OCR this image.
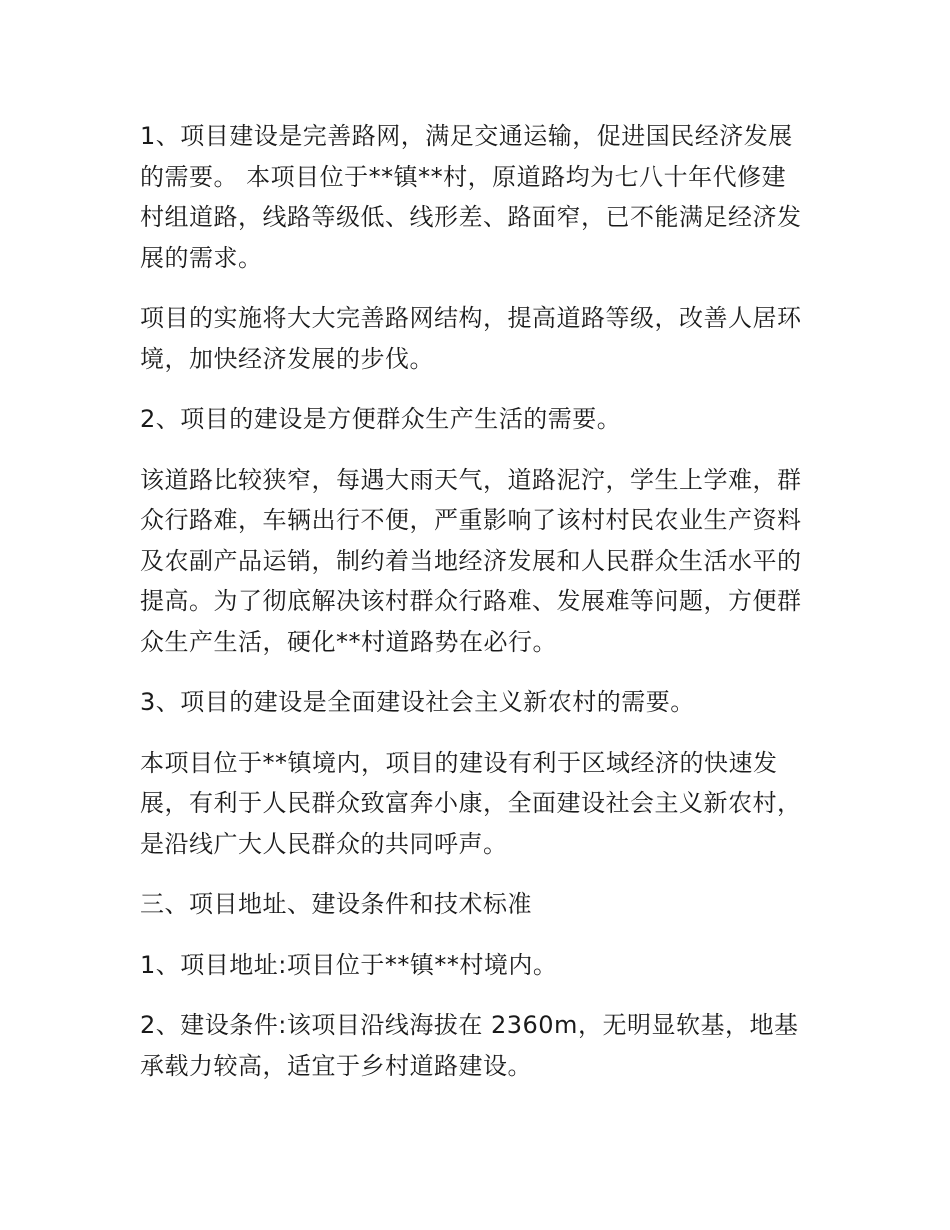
1、项目建设是完善路网，满足交通运输，促进国民经济发展的需要。 本项目位于**镇**村，原道路均为七八十年代修建村组道路，线路等级低、线形差、路面窄，已不能满足经济发展的需求。

项目的实施将大大完善路网结构，提高道路等级，改善人居环境，加快经济发展的步伐。

2、项目的建设是方便群众生产生活的需要。

该道路比较狭窄，每遇大雨天气，道路泥泞，学生上学难，群众行路难，车辆出行不便，严重影响了该村村民农业生产资料及农副产品运销，制约着当地经济发展和人民群众生活水平的提高。为了彻底解决该村群众行路难、发展难等问题，方便群众生产生活，硬化**村道路势在必行。

3、项目的建设是全面建设社会主义新农村的需要。

本项目位于**镇境内，项目的建设有利于区域经济的快速发展，有利于人民群众致富奔小康，全面建设社会主义新农村，是沿线广大人民群众的共同呼声。

三、项目地址、建设条件和技术标准

1、项目地址:项目位于**镇**村境内。

2、建设条件:该项目沿线海拔在 2360m，无明显软基，地基承载力较高，适宜于乡村道路建设。
